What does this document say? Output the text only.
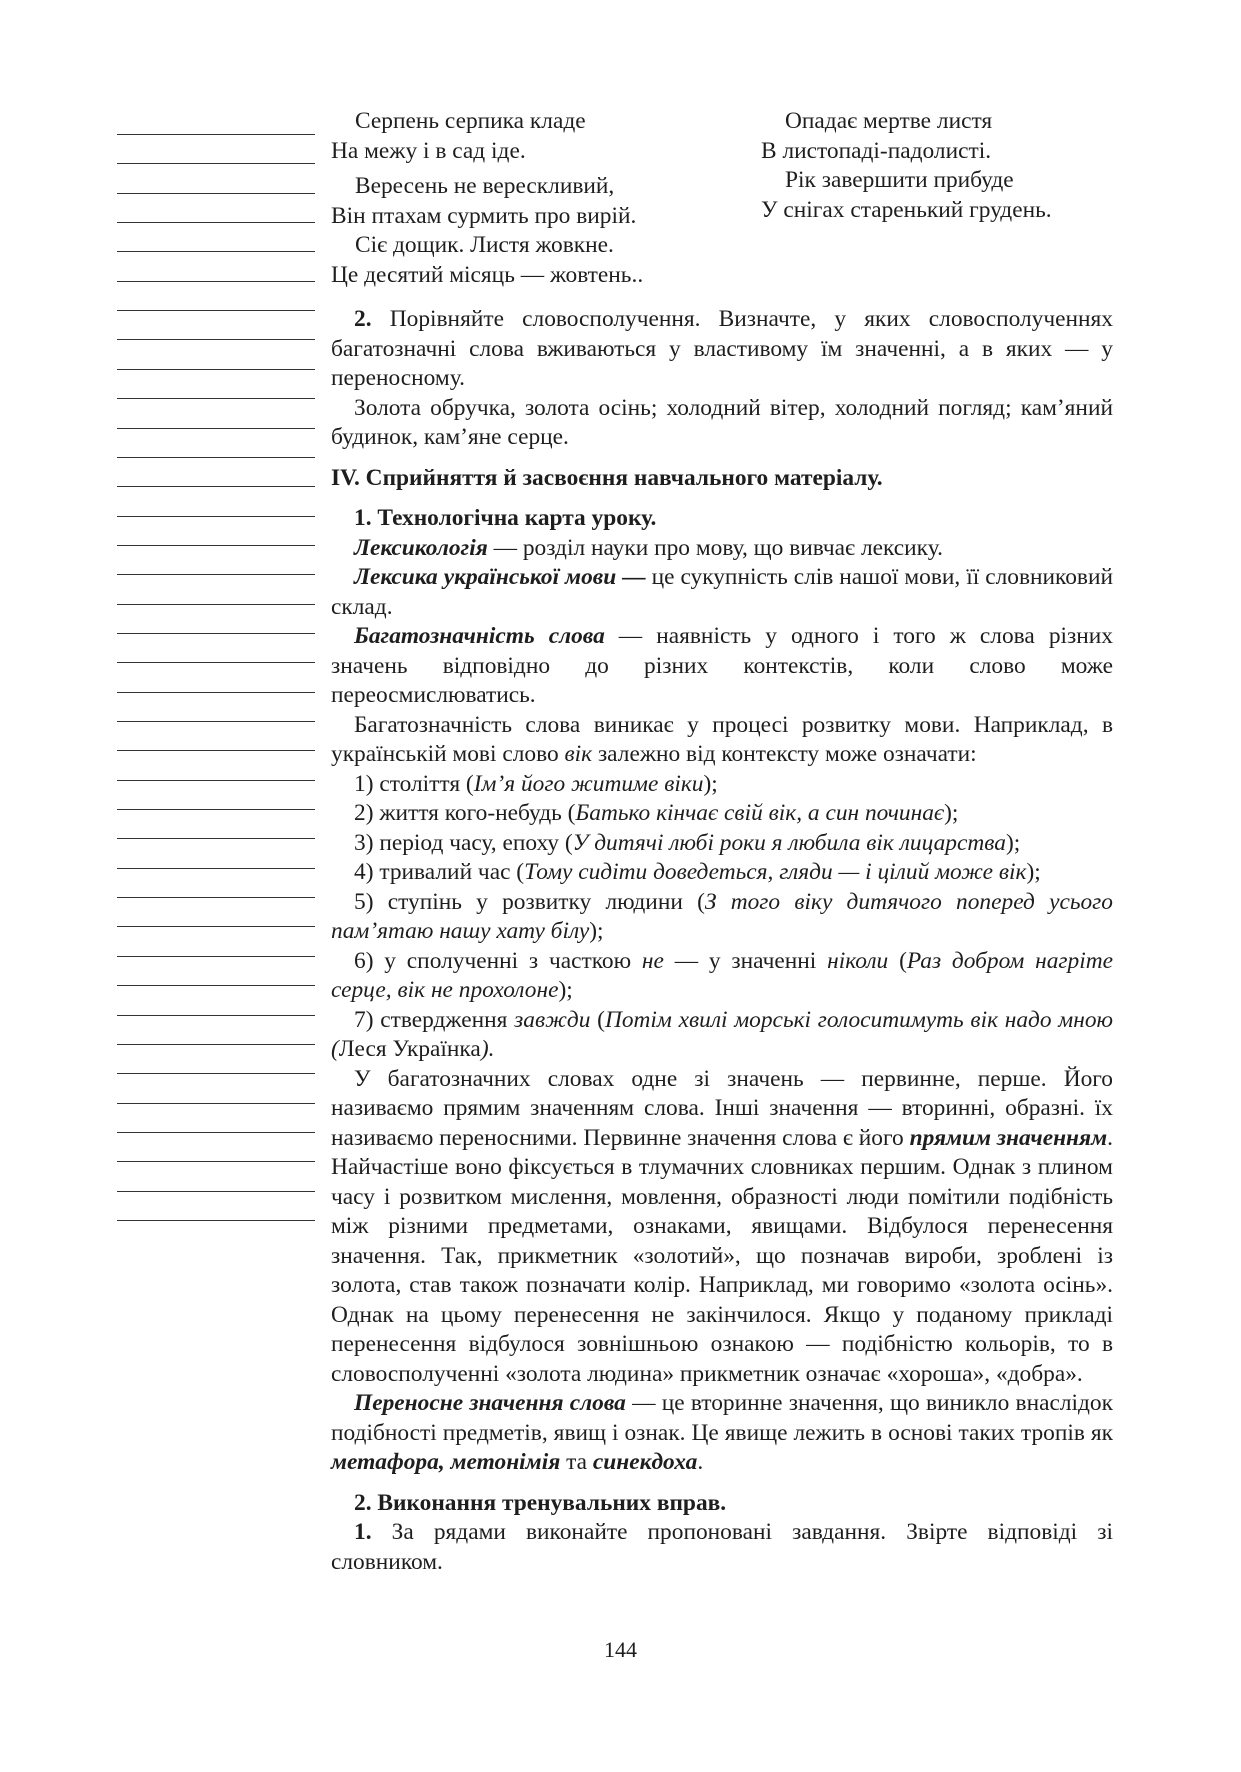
Серпень серпика кладе
На межу і в сад іде.
Вересень не верескливий,
Він птахам сурмить про вирій.
Сіє дощик. Листя жовкне.
Це десятий місяць — жовтень..
Опадає мертве листя
В листопаді-падолисті.
Рік завершити прибуде
У снігах старенький грудень.

2. Порівняйте словосполучення. Визначте, у яких словосполученнях багатозначні слова вживаються у властивому їм значенні, а в яких — у переносному.

Золота обручка, золота осінь; холодний вітер, холодний погляд; кам’яний будинок, кам’яне серце.

IV. Сприйняття й засвоєння навчального матеріалу.

1. Технологічна карта уроку.

Лексикологія — розділ науки про мову, що вивчає лексику.

Лексика української мови — це сукупність слів нашої мови, її словниковий склад.

Багатозначність слова — наявність у одного і того ж слова різних значень відповідно до різних контекстів, коли слово може переосмислюватись.

Багатозначність слова виникає у процесі розвитку мови. Наприклад, в українській мові слово вік залежно від контексту може означати:

1) століття (Ім’я його житиме віки);

2) життя кого-небудь (Батько кінчає свій вік, а син починає);

3) період часу, епоху (У дитячі любі роки я любила вік лицарства);

4) тривалий час (Тому сидіти доведеться, гляди — і цілий може вік);

5) ступінь у розвитку людини (З того віку дитячого поперед усього пам’ятаю нашу хату білу);

6) у сполученні з часткою не — у значенні ніколи (Раз добром нагріте серце, вік не прохолоне);

7) ствердження завжди (Потім хвилі морські голоситимуть вік надо мною (Леся Українка).

У багатозначних словах одне зі значень — первинне, перше. Його називаємо прямим значенням слова. Інші значення — вторинні, образні. їх називаємо переносними. Первинне значення слова є його прямим значенням. Найчастіше воно фіксується в тлумачних словниках першим. Однак з плином часу і розвитком мислення, мовлення, образності люди помітили подібність між різними предметами, ознаками, явищами. Відбулося перенесення значення. Так, прикметник «золотий», що позначав вироби, зроблені із золота, став також позначати колір. Наприклад, ми говоримо «золота осінь». Однак на цьому перенесення не закінчилося. Якщо у поданому прикладі перенесення відбулося зовнішньою ознакою — подібністю кольорів, то в словосполученні «золота людина» прикметник означає «хороша», «добра».

Переносне значення слова — це вторинне значення, що виникло внаслідок подібності предметів, явищ і ознак. Це явище лежить в основі таких тропів як метафора, метонімія та синекдоха.

2. Виконання тренувальних вправ.

1. За рядами виконайте пропоновані завдання. Звірте відповіді зі словником.

144
